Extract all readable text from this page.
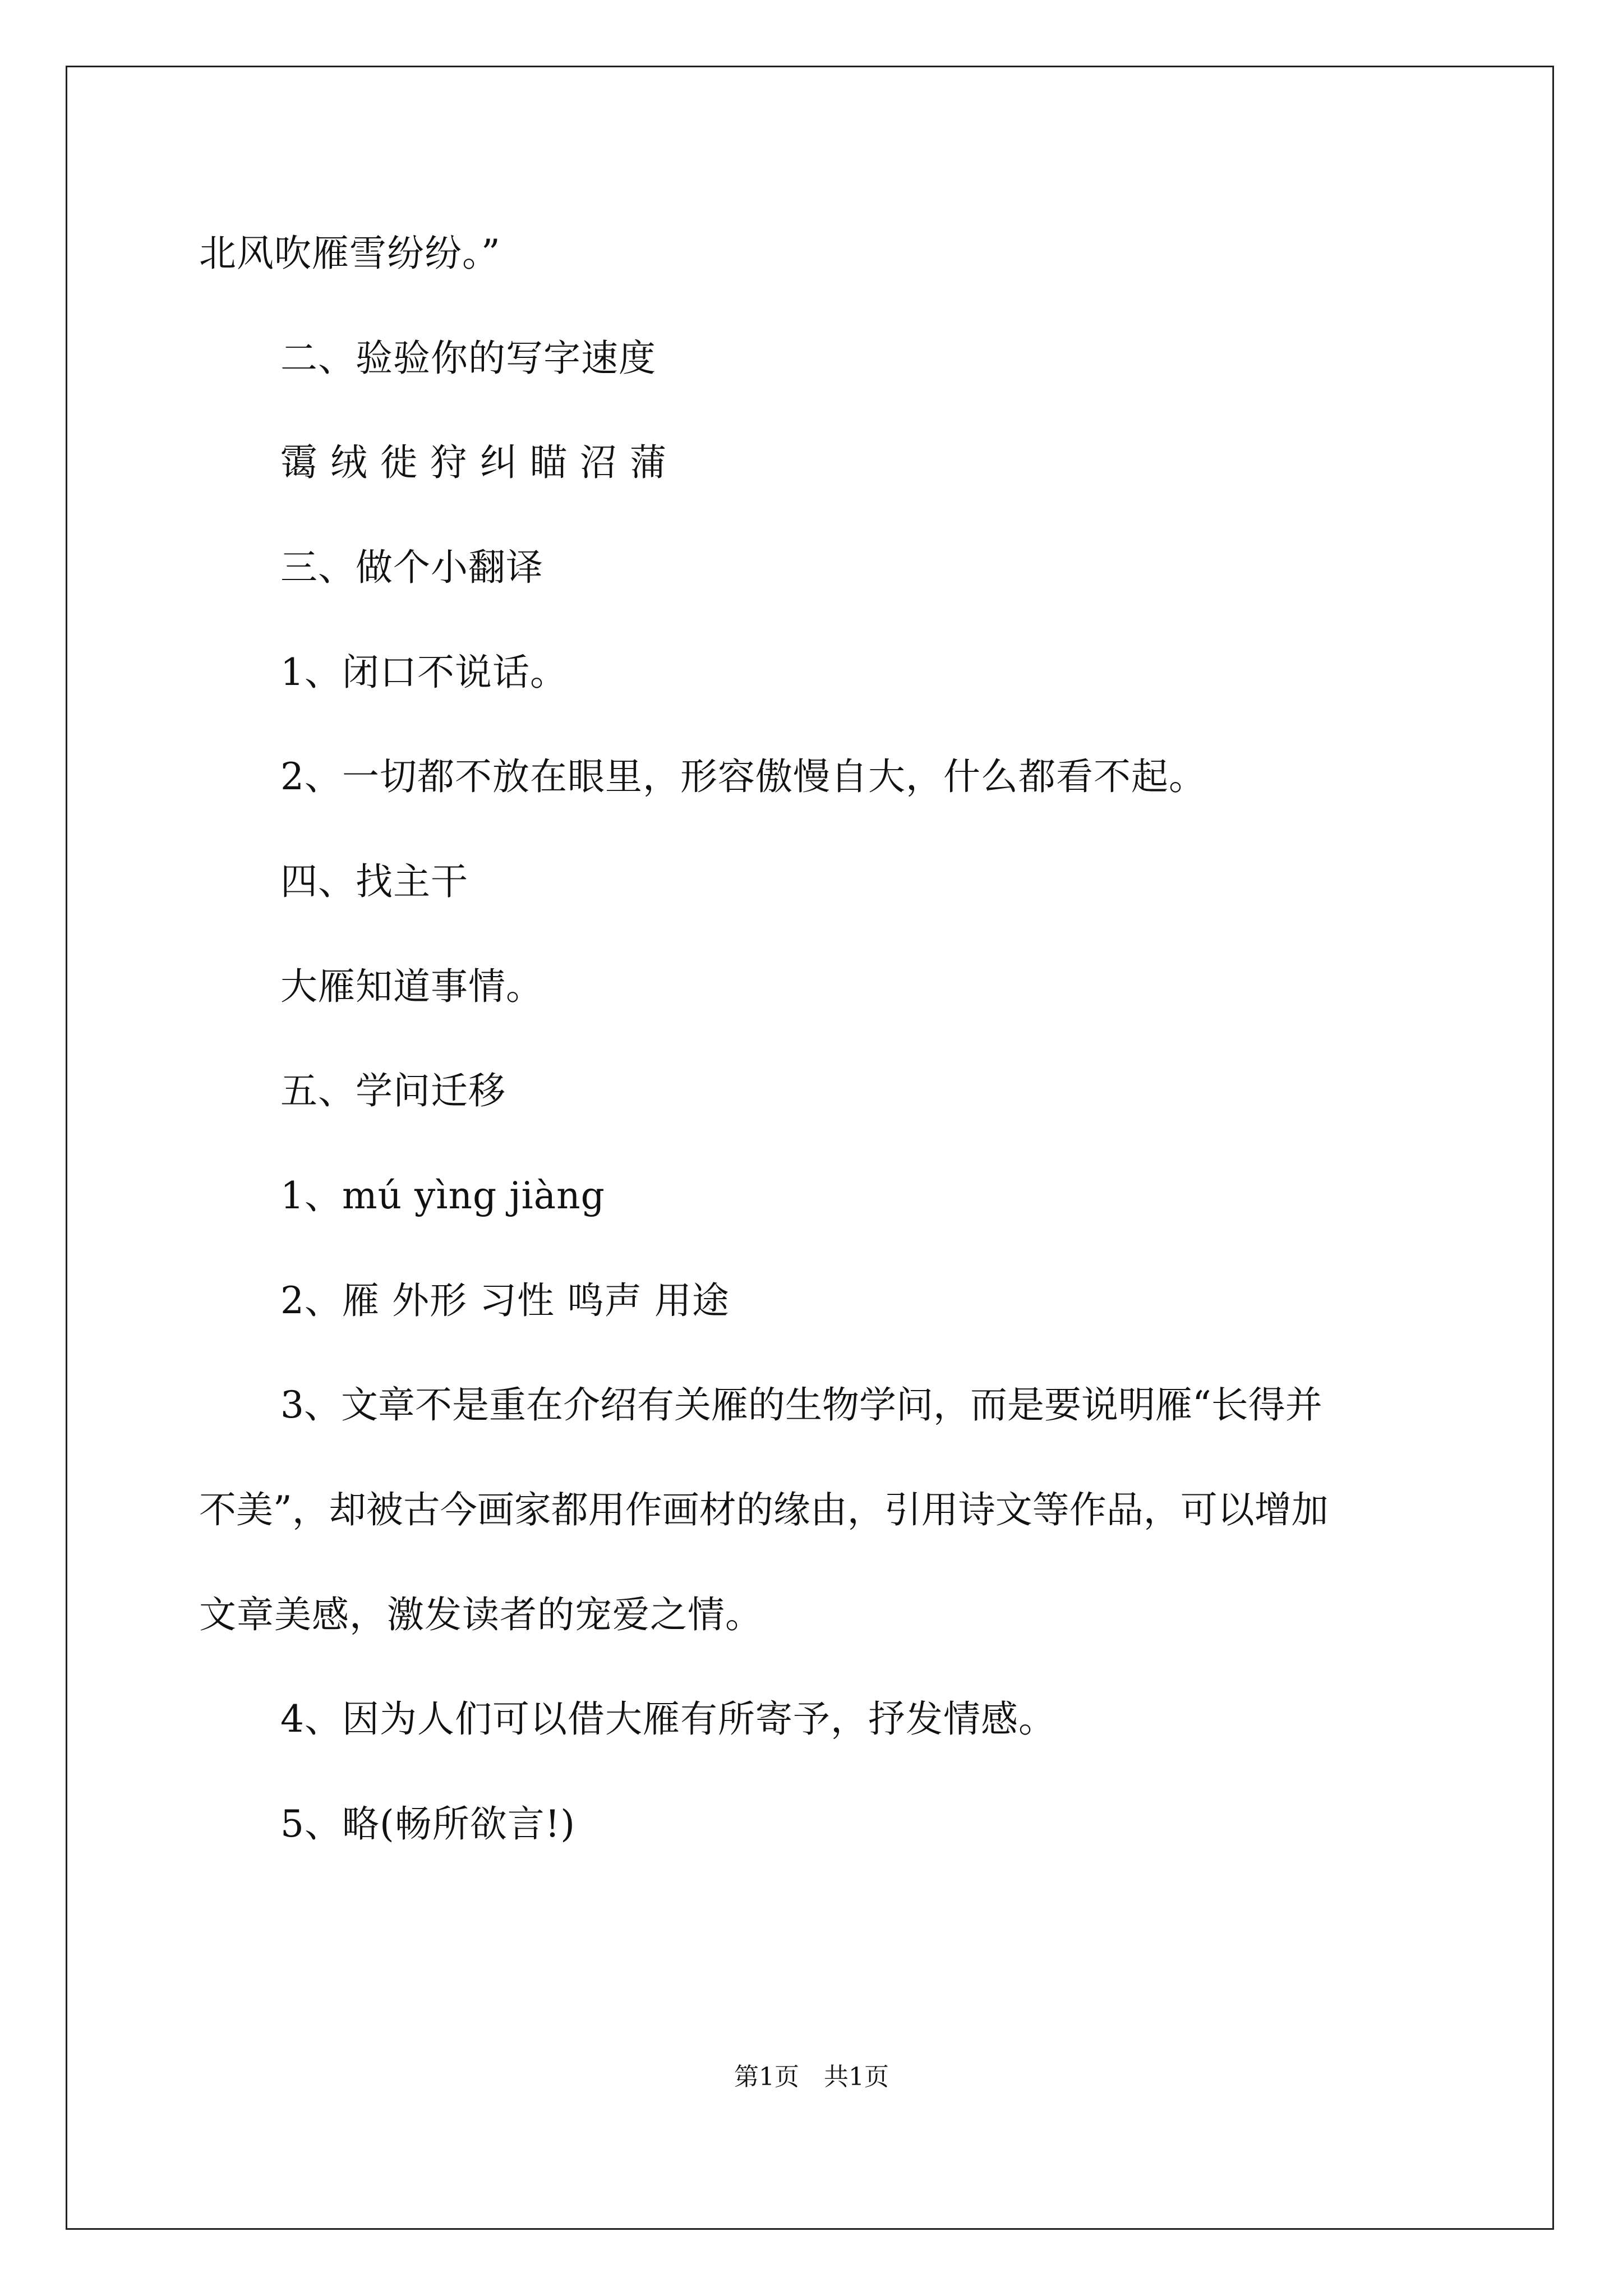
北风吹雁雪纷纷。”
二、验验你的写字速度
霭 绒 徙 狩 纠 瞄 沼 蒲
三、做个小翻译
1、闭口不说话。
2、一切都不放在眼里，形容傲慢自大，什么都看不起。
四、找主干
大雁知道事情。
五、学问迁移
1、mú yìng jiàng
2、雁 外形 习性 鸣声 用途
3、文章不是重在介绍有关雁的生物学问，而是要说明雁“长得并
不美”，却被古今画家都用作画材的缘由，引用诗文等作品，可以增加
文章美感，激发读者的宠爱之情。
4、因为人们可以借大雁有所寄予，抒发情感。
5、略(畅所欲言!)
第1页　共1页
